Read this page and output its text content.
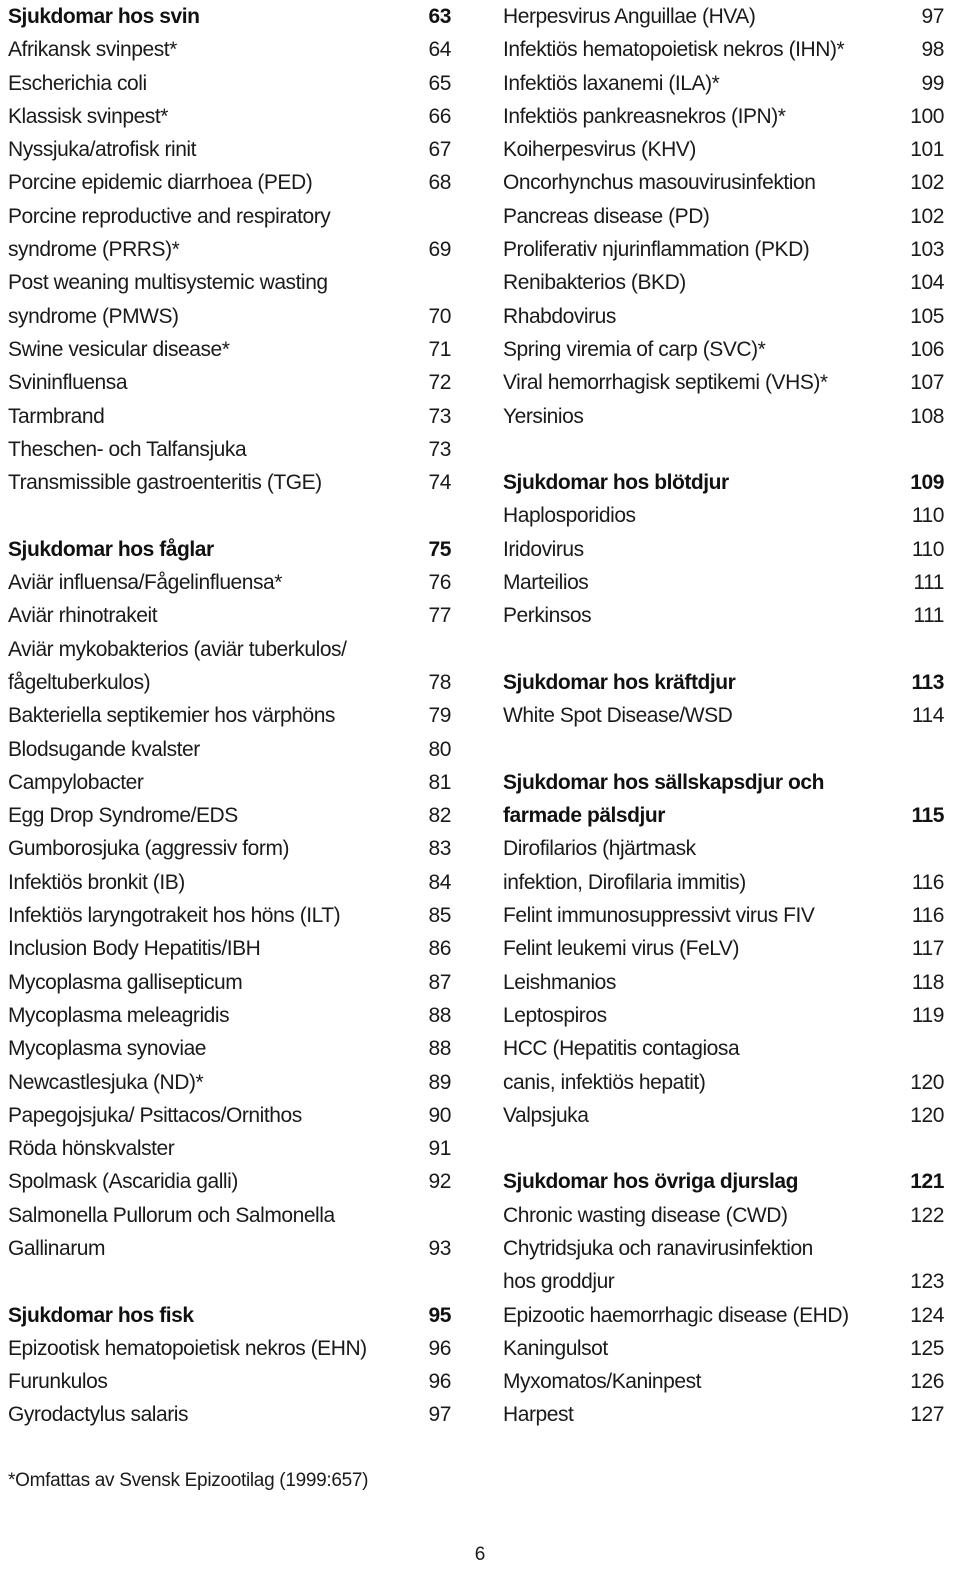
Sjukdomar hos svin	63
Afrikansk svinpest*	64
Escherichia coli	65
Klassisk svinpest*	66
Nyssjuka/atrofisk rinit	67
Porcine epidemic diarrhoea (PED)	68
Porcine reproductive and respiratory
syndrome (PRRS)*	69
Post weaning multisystemic wasting
syndrome (PMWS)	70
Swine vesicular disease*	71
Svininfluensa	72
Tarmbrand	73
Theschen- och Talfansjuka	73
Transmissible gastroenteritis (TGE)	74
Sjukdomar hos fåglar	75
Aviär influensa/Fågelinfluensa*	76
Aviär rhinotrakeit	77
Aviär mykobakterios (aviär tuberkulos/
fågeltuberkulos)	78
Bakteriella septikemier hos värphöns	79
Blodsugande kvalster	80
Campylobacter	81
Egg Drop Syndrome/EDS	82
Gumborosjuka (aggressiv form)	83
Infektiös bronkit (IB)	84
Infektiös laryngotrakeit hos höns (ILT)	85
Inclusion Body Hepatitis/IBH	86
Mycoplasma gallisepticum	87
Mycoplasma meleagridis	88
Mycoplasma synoviae	88
Newcastlesjuka (ND)*	89
Papegojsjuka/ Psittacos/Ornithos	90
Röda hönskvalster	91
Spolmask (Ascaridia galli)	92
Salmonella Pullorum och Salmonella
Gallinarum	93
Sjukdomar hos fisk	95
Epizootisk hematopoietisk nekros (EHN)	96
Furunkulos	96
Gyrodactylus salaris	97
Herpesvirus Anguillae (HVA)	97
Infektiös hematopoietisk nekros (IHN)*	98
Infektiös laxanemi (ILA)*	99
Infektiös pankreasnekros (IPN)*	100
Koiherpesvirus (KHV)	101
Oncorhynchus masouvirusinfektion	102
Pancreas disease (PD)	102
Proliferativ njurinflammation (PKD)	103
Renibakterios (BKD)	104
Rhabdovirus	105
Spring viremia of carp (SVC)*	106
Viral hemorrhagisk septikemi (VHS)*	107
Yersinios	108
Sjukdomar hos blötdjur	109
Haplosporidios	110
Iridovirus	110
Marteilios	111
Perkinsos	111
Sjukdomar hos kräftdjur	113
White Spot Disease/WSD	114
Sjukdomar hos sällskapsdjur och
farmade pälsdjur	115
Dirofilarios (hjärtmask
infektion, Dirofilaria immitis)	116
Felint immunosuppressivt virus FIV	116
Felint leukemi virus (FeLV)	117
Leishmanios	118
Leptospiros	119
HCC (Hepatitis contagiosa
canis, infektiös hepatit)	120
Valpsjuka	120
Sjukdomar hos övriga djurslag	121
Chronic wasting disease (CWD)	122
Chytridsjuka och ranavirusinfektion
hos groddjur	123
Epizootic haemorrhagic disease (EHD)	124
Kaningulsot	125
Myxomatos/Kaninpest	126
Harpest	127
*Omfattas av Svensk Epizootilag (1999:657)
6
